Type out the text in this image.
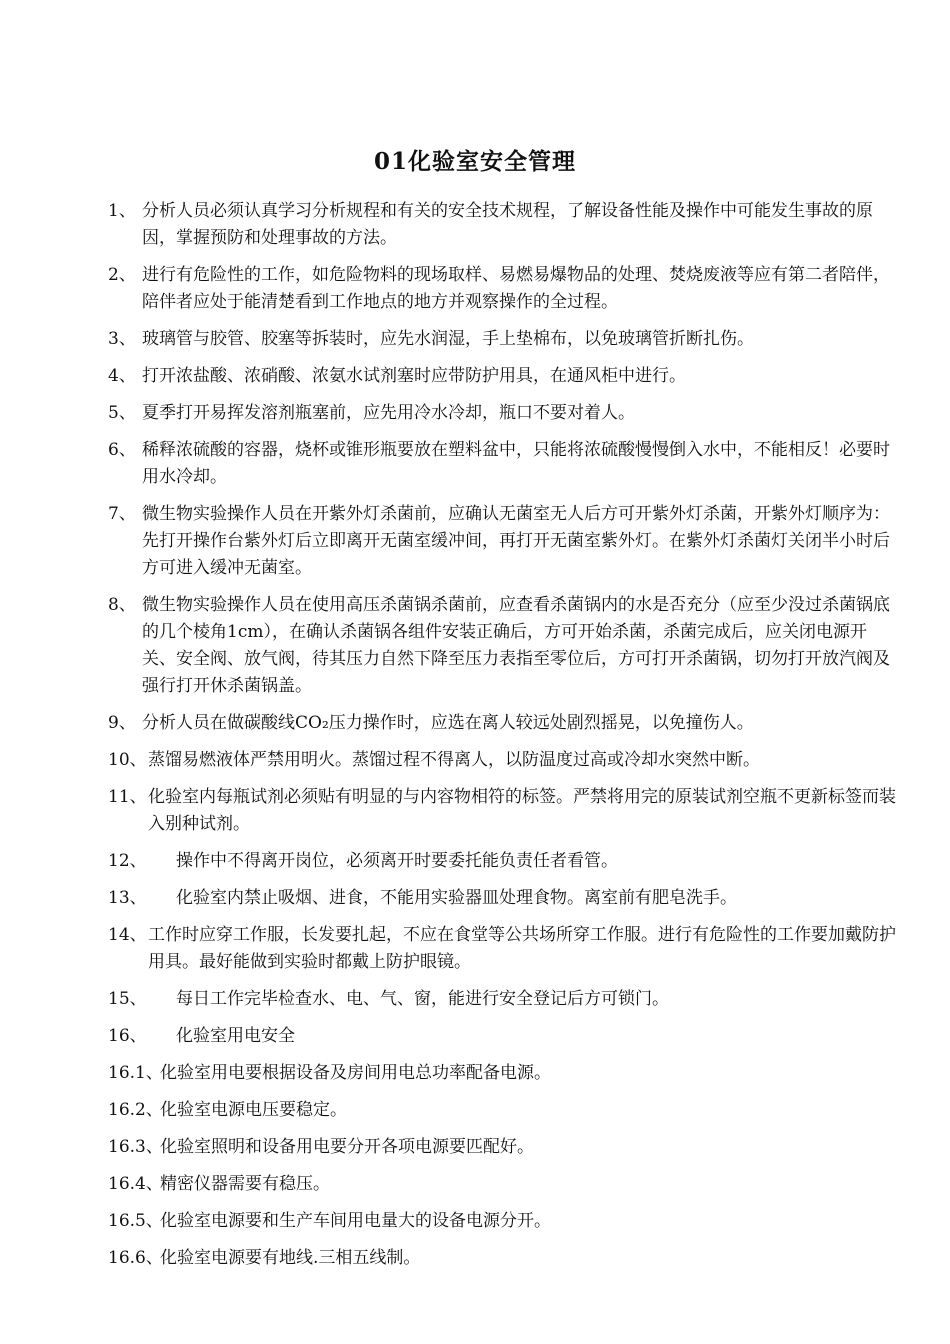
01化验室安全管理
1、 分析人员必须认真学习分析规程和有关的安全技术规程，了解设备性能及操作中可能发生事故的原因，掌握预防和处理事故的方法。
2、 进行有危险性的工作，如危险物料的现场取样、易燃易爆物品的处理、焚烧废液等应有第二者陪伴，陪伴者应处于能清楚看到工作地点的地方并观察操作的全过程。
3、 玻璃管与胶管、胶塞等拆装时，应先水润湿，手上垫棉布，以免玻璃管折断扎伤。
4、 打开浓盐酸、浓硝酸、浓氨水试剂塞时应带防护用具，在通风柜中进行。
5、 夏季打开易挥发溶剂瓶塞前，应先用冷水冷却，瓶口不要对着人。
6、 稀释浓硫酸的容器，烧杯或锥形瓶要放在塑料盆中，只能将浓硫酸慢慢倒入水中，不能相反！必要时用水冷却。
7、 微生物实验操作人员在开紫外灯杀菌前，应确认无菌室无人后方可开紫外灯杀菌，开紫外灯顺序为：先打开操作台紫外灯后立即离开无菌室缓冲间，再打开无菌室紫外灯。在紫外灯杀菌灯关闭半小时后方可进入缓冲无菌室。
8、 微生物实验操作人员在使用高压杀菌锅杀菌前，应查看杀菌锅内的水是否充分（应至少没过杀菌锅底的几个棱角1cm），在确认杀菌锅各组件安装正确后，方可开始杀菌，杀菌完成后，应关闭电源开关、安全阀、放气阀，待其压力自然下降至压力表指至零位后，方可打开杀菌锅，切勿打开放汽阀及强行打开休杀菌锅盖。
9、 分析人员在做碳酸线CO₂压力操作时，应选在离人较远处剧烈摇晃，以免撞伤人。
10、 蒸馏易燃液体严禁用明火。蒸馏过程不得离人，以防温度过高或冷却水突然中断。
11、 化验室内每瓶试剂必须贴有明显的与内容物相符的标签。严禁将用完的原装试剂空瓶不更新标签而装入别种试剂。
12、 操作中不得离开岗位，必须离开时要委托能负责任者看管。
13、 化验室内禁止吸烟、进食，不能用实验器皿处理食物。离室前有肥皂洗手。
14、 工作时应穿工作服，长发要扎起，不应在食堂等公共场所穿工作服。进行有危险性的工作要加戴防护用具。最好能做到实验时都戴上防护眼镜。
15、 每日工作完毕检查水、电、气、窗，能进行安全登记后方可锁门。
16、 化验室用电安全
16.1、
化验室用电要根据设备及房间用电总功率配备电源。
16.2、
化验室电源电压要稳定。
16.3、
化验室照明和设备用电要分开各项电源要匹配好。
16.4、
精密仪器需要有稳压。
16.5、
化验室电源要和生产车间用电量大的设备电源分开。
16.6、
化验室电源要有地线.三相五线制。
